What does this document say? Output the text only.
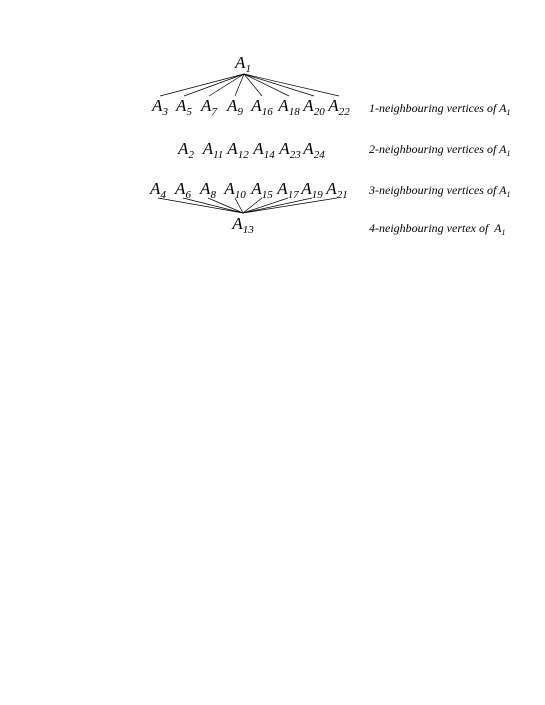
$A_1$
$A_3$ $A_5$ $A_7$ $A_9$ $A_{16}$ $A_{18}$ $A_{20}$ $A_{22}$
$A_2$ $A_{11}$ $A_{12}$ $A_{14}$ $A_{23}$ $A_{24}$
$A_4$ $A_6$ $A_8$ $A_{10}$ $A_{15}$ $A_{17}$ $A_{19}$ $A_{21}$
$A_{13}$
1-neighbouring vertices of $A_1$
2-neighbouring vertices of $A_1$
3-neighbouring vertices of $A_1$
4-neighbouring vertex of  $A_1$
